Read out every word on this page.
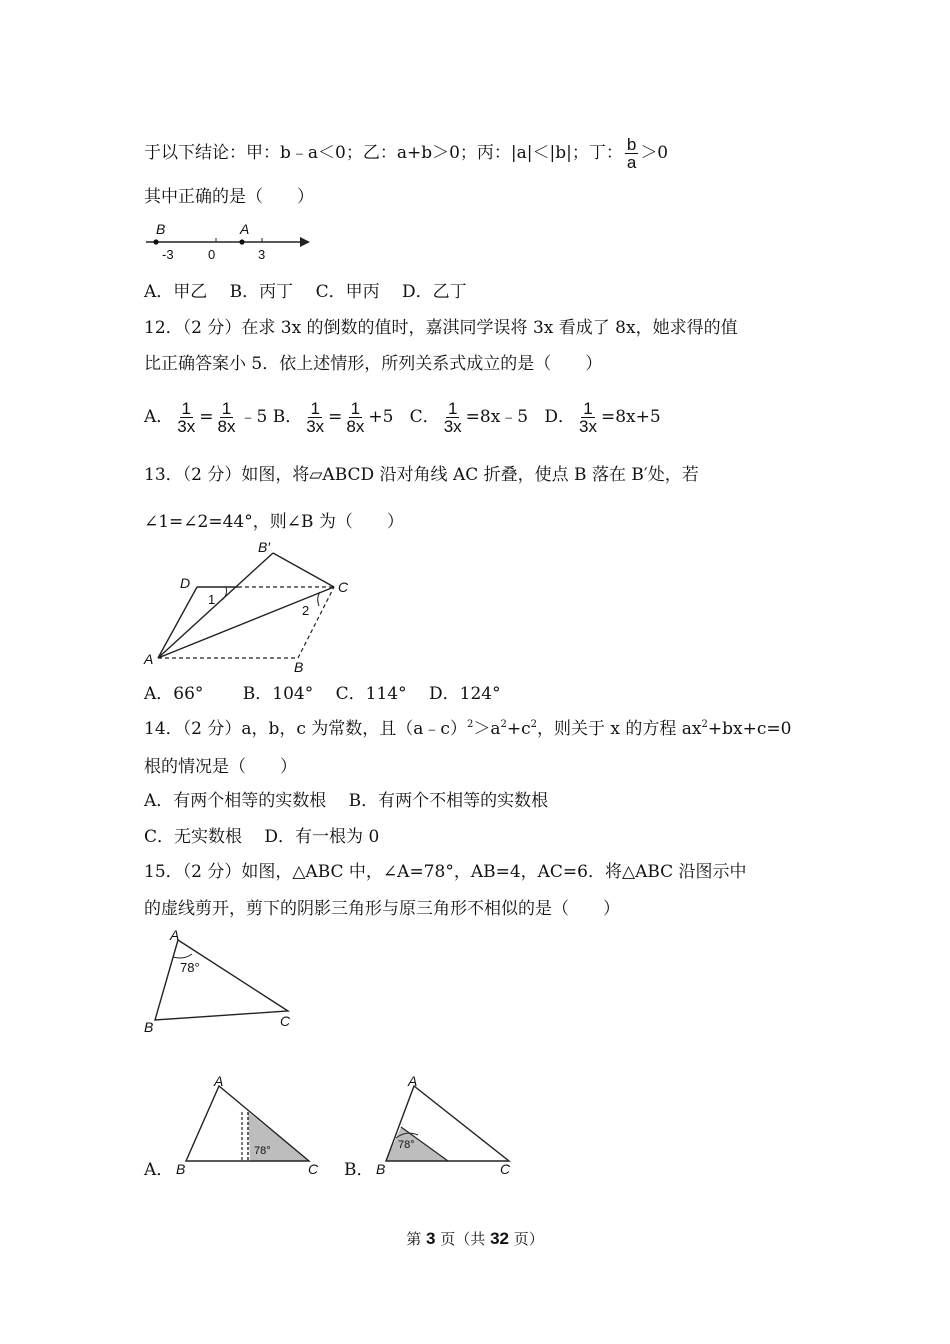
于以下结论：甲：b﹣a＜0；乙：a+b＞0；丙：|a|＜|b|；丁： $\frac{b}{a} >0$
其中正确的是（　　）
B	A
-3	0	3
A．甲乙　 B．丙丁　 C．甲丙　 D．乙丁
12．（2 分）在求 3x 的倒数的值时，嘉淇同学误将 3x 看成了 8x，她求得的值
比正确答案小 5．依上述情形，所列关系式成立的是（　　）
A． $\frac{1}{3x} = \frac{1}{8x}$ ﹣5 B． $\frac{1}{3x} = \frac{1}{8x} +5$ C． $\frac{1}{3x}$ =8x﹣5 D． $\frac{1}{3x} =8x+5$
13．（2 分）如图，将▱ABCD 沿对角线 AC 折叠，使点 B 落在 B′处，若
∠1=∠2=44°，则∠B 为（　　）
B′
D	C
A	B
1
2
A．66°　　 B．104°　 C．114°　 D．124°
14．（2 分）a，b，c 为常数，且$(a﹣c)^2>a^2+c^2$，则关于 x 的方程 $ax^2+bx+c=0$
根的情况是（　　）
A．有两个相等的实数根　 B．有两个不相等的实数根
C．无实数根　 D．有一根为 0
15．（2 分）如图，△ABC 中，∠A=78°，AB=4，AC=6．将△ABC 沿图示中
的虚线剪开，剪下的阴影三角形与原三角形不相似的是（　　）
A
B	C
78°
A．
A
B	C
78°
B．
A
B	C
78°
第 3 页（共 32 页）
